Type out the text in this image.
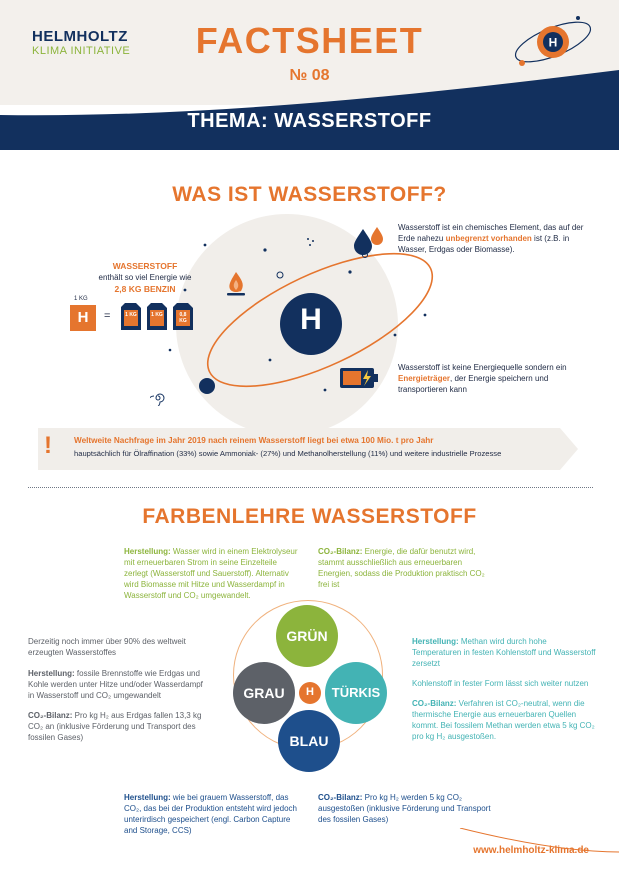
HELMHOLTZ
KLIMA INITIATIVE	FACTSHEET
№ 08
H
THEMA: WASSERSTOFF
WAS IST WASSERSTOFF?
H
Wasserstoff ist ein chemisches Element, das auf der Erde nahezu unbegrenzt vorhanden ist (z.B. in Wasser, Erdgas oder Biomasse).
Wasserstoff ist keine Energiequelle sondern ein Energieträger, der Energie speichern und transportieren kann
WASSERSTOFF
enthält so viel Energie wie
2,8 KG BENZIN
1 KG
H	=	1 KG	1 KG	0,8 KG
!	Weltweite Nachfrage im Jahr 2019 nach reinem Wasserstoff liegt bei etwa 100 Mio. t pro Jahr
hauptsächlich für Ölraffination (33%) sowie Ammoniak- (27%) und Methanolherstellung (11%) und weitere industrielle Prozesse
FARBENLEHRE WASSERSTOFF
GRÜN
GRAU	TÜRKIS
BLAU
H
Herstellung: Wasser wird in einem Elektrolyseur mit erneuerbaren Strom in seine Einzelteile zerlegt (Wasserstoff und Sauerstoff). Alternativ wird Biomasse mit Hitze und Wasserdampf in Wasserstoff und CO₂ umgewandelt.
CO₂-Bilanz: Energie, die dafür benutzt wird, stammt ausschließlich aus erneuerbaren Energien, sodass die Produktion praktisch CO₂ frei ist
Derzeitig noch immer über 90% des weltweit erzeugten Wasserstoffes
Herstellung: fossile Brennstoffe wie Erdgas und Kohle werden unter Hitze und/oder Wasserdampf in Wasserstoff und CO₂ umgewandelt
CO₂-Bilanz: Pro kg H₂ aus Erdgas fallen 13,3 kg CO₂ an (inklusive Förderung und Transport des fossilen Gases)
Herstellung: Methan wird durch hohe Temperaturen in festen Kohlenstoff und Wasserstoff zersetzt
Kohlenstoff in fester Form lässt sich weiter nutzen
CO₂-Bilanz: Verfahren ist CO₂-neutral, wenn die thermische Energie aus erneuerbaren Quellen kommt. Bei fossilem Methan werden etwa 5 kg CO₂ pro kg H₂ ausgestoßen.
Herstellung: wie bei grauem Wasserstoff, das CO₂, das bei der Produktion entsteht wird jedoch unterirdisch gespeichert (engl. Carbon Capture and Storage, CCS)
CO₂-Bilanz: Pro kg H₂ werden 5 kg CO₂ ausgestoßen (inklusive Förderung und Transport des fossilen Gases)
www.helmholtz-klima.de
